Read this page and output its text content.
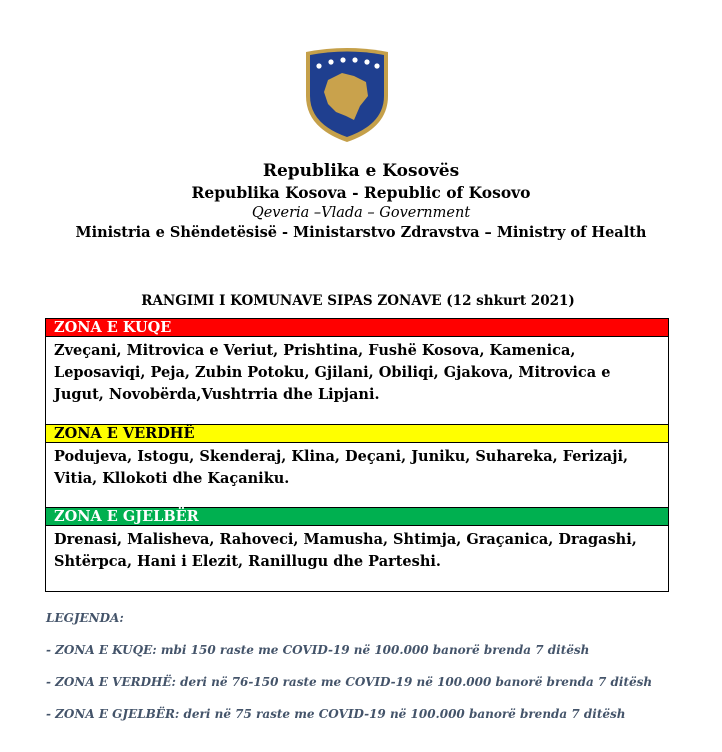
Republika e Kosovës
Republika Kosova - Republic of Kosovo
Qeveria –Vlada – Government
Ministria e Shëndetësisë - Ministarstvo Zdravstva – Ministry of Health
RANGIMI I KOMUNAVE SIPAS ZONAVE (12 shkurt 2021)
ZONA E KUQE
Zveçani, Mitrovica e Veriut, Prishtina, Fushë Kosova, Kamenica, Leposaviqi, Peja, Zubin Potoku, Gjilani, Obiliqi, Gjakova, Mitrovica e Jugut, Novobërda,Vushtrria dhe Lipjani.
ZONA E VERDHË
Podujeva, Istogu, Skenderaj, Klina, Deçani, Juniku, Suhareka, Ferizaji, Vitia, Kllokoti dhe Kaçaniku.
ZONA E GJELBËR
Drenasi, Malisheva, Rahoveci, Mamusha, Shtimja, Graçanica, Dragashi, Shtërpca, Hani i Elezit, Ranillugu dhe Parteshi.
LEGJENDA:
- ZONA E KUQE: mbi 150 raste me COVID-19 në 100.000 banorë brenda 7 ditësh
- ZONA E VERDHË: deri në 76-150 raste me COVID-19 në 100.000 banorë brenda 7 ditësh
- ZONA E GJELBËR: deri në 75 raste me COVID-19 në 100.000 banorë brenda 7 ditësh
